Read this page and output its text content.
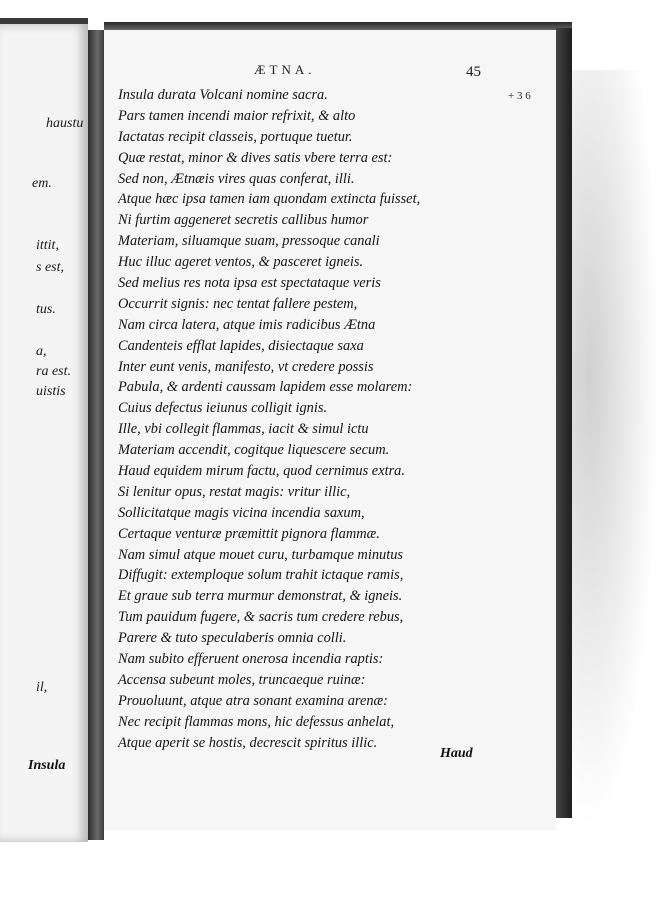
haustu
em.
ittit,
s est,
tus.
a,
ra est.
uistis
il,
Insula
ÆTNA.	45
+ 3 6
Insula durata Volcani nomine sacra.
Pars tamen incendi maior refrixit, & alto
Iactatas recipit classeis, portuque tuetur.
Quæ restat, minor & dives satis vbere terra est:
Sed non, Ætnæis vires quas conferat, illi.
Atque hæc ipsa tamen iam quondam extincta fuisset,
Ni furtim aggeneret secretis callibus humor
Materiam, siluamque suam, pressoque canali
Huc illuc ageret ventos, & pasceret igneis.
Sed melius res nota ipsa est spectataque veris
Occurrit signis: nec tentat fallere pestem,
Nam circa latera, atque imis radicibus Ætna
Candenteis efflat lapides, disiectaque saxa
Inter eunt venis, manifesto, vt credere possis
Pabula, & ardenti caussam lapidem esse molarem:
Cuius defectus ieiunus colligit ignis.
Ille, vbi collegit flammas, iacit & simul ictu
Materiam accendit, cogitque liquescere secum.
Haud equidem mirum factu, quod cernimus extra.
Si lenitur opus, restat magis: vritur illic,
Sollicitatque magis vicina incendia saxum,
Certaque venturæ præmittit pignora flammæ.
Nam simul atque mouet curu, turbamque minutus
Diffugit: extemploque solum trahit ictaque ramis,
Et graue sub terra murmur demonstrat, & igneis.
Tum pauidum fugere, & sacris tum credere rebus,
Parere & tuto speculaberis omnia colli.
Nam subito efferuent onerosa incendia raptis:
Accensa subeunt moles, truncaeque ruinæ:
Prouoluunt, atque atra sonant examina arenæ:
Nec recipit flammas mons, hic defessus anhelat,
Atque aperit se hostis, decrescit spiritus illic.
Haud
